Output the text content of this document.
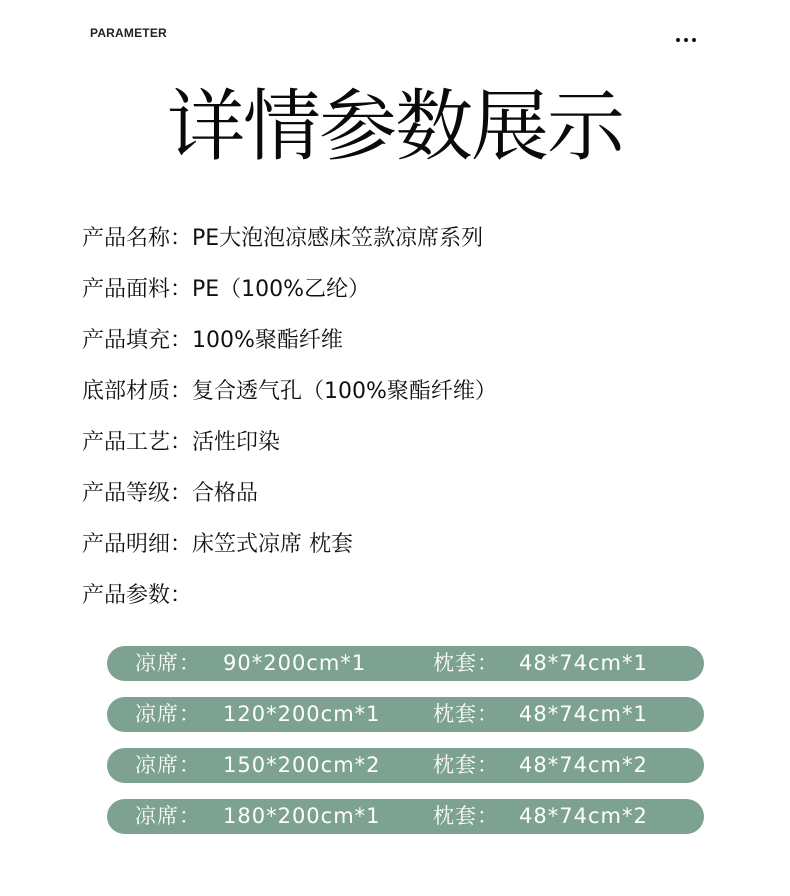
PARAMETER
详情参数展示
产品名称：PE大泡泡凉感床笠款凉席系列
产品面料：PE（100%乙纶）
产品填充：100%聚酯纤维
底部材质：复合透气孔（100%聚酯纤维）
产品工艺：活性印染
产品等级：合格品
产品明细：床笠式凉席 枕套
产品参数：
凉席： 90*200cm*1	枕套： 48*74cm*1
凉席： 120*200cm*1 枕套： 48*74cm*1
凉席： 150*200cm*2 枕套： 48*74cm*2
凉席： 180*200cm*1 枕套： 48*74cm*2
